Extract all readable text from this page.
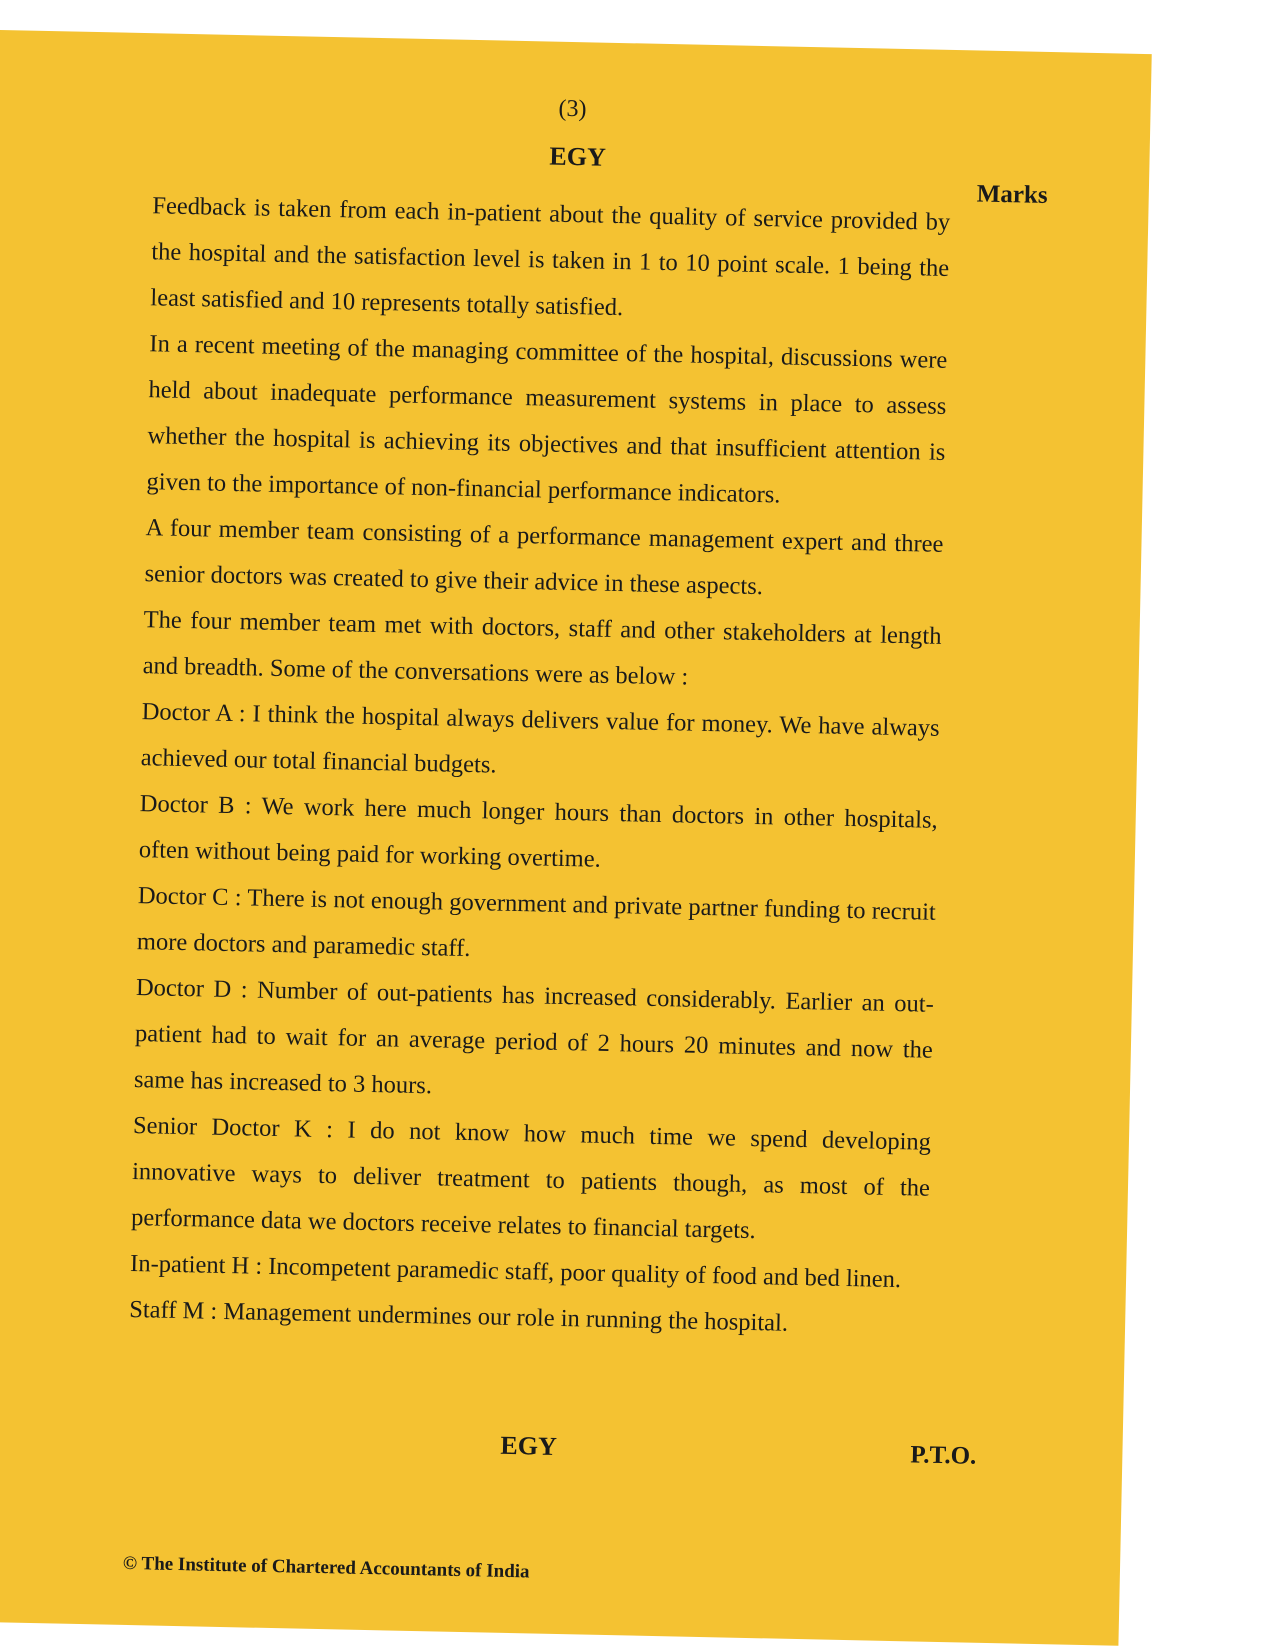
(3)
EGY
Marks

Feedback is taken from each in-patient about the quality of service provided by the hospital and the satisfaction level is taken in 1 to 10 point scale. 1 being the least satisfied and 10 represents totally satisfied.

In a recent meeting of the managing committee of the hospital, discussions were held about inadequate performance measurement systems in place to assess whether the hospital is achieving its objectives and that insufficient attention is given to the importance of non-financial performance indicators.

A four member team consisting of a performance management expert and three senior doctors was created to give their advice in these aspects.

The four member team met with doctors, staff and other stakeholders at length and breadth. Some of the conversations were as below :

Doctor A : I think the hospital always delivers value for money. We have always achieved our total financial budgets.

Doctor B : We work here much longer hours than doctors in other hospitals, often without being paid for working overtime.

Doctor C : There is not enough government and private partner funding to recruit more doctors and paramedic staff.

Doctor D : Number of out-patients has increased considerably. Earlier an out-patient had to wait for an average period of 2 hours 20 minutes and now the same has increased to 3 hours.

Senior Doctor K : I do not know how much time we spend developing innovative ways to deliver treatment to patients though, as most of the performance data we doctors receive relates to financial targets.

In-patient H : Incompetent paramedic staff, poor quality of food and bed linen.

Staff M : Management undermines our role in running the hospital.

EGY	P.T.O.
© The Institute of Chartered Accountants of India
